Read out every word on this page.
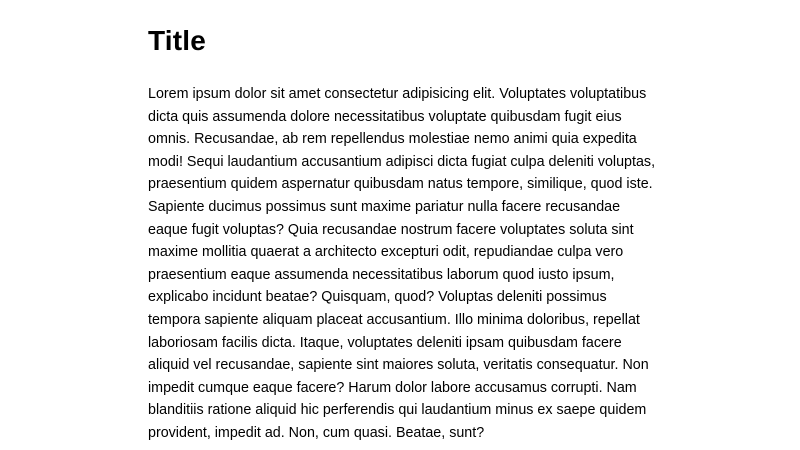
Title

Lorem ipsum dolor sit amet consectetur adipisicing elit. Voluptates voluptatibus dicta quis assumenda dolore necessitatibus voluptate quibusdam fugit eius omnis. Recusandae, ab rem repellendus molestiae nemo animi quia expedita modi! Sequi laudantium accusantium adipisci dicta fugiat culpa deleniti voluptas, praesentium quidem aspernatur quibusdam natus tempore, similique, quod iste. Sapiente ducimus possimus sunt maxime pariatur nulla facere recusandae eaque fugit voluptas? Quia recusandae nostrum facere voluptates soluta sint maxime mollitia quaerat a architecto excepturi odit, repudiandae culpa vero praesentium eaque assumenda necessitatibus laborum quod iusto ipsum, explicabo incidunt beatae? Quisquam, quod? Voluptas deleniti possimus tempora sapiente aliquam placeat accusantium. Illo minima doloribus, repellat laboriosam facilis dicta. Itaque, voluptates deleniti ipsam quibusdam facere aliquid vel recusandae, sapiente sint maiores soluta, veritatis consequatur. Non impedit cumque eaque facere? Harum dolor labore accusamus corrupti. Nam blanditiis ratione aliquid hic perferendis qui laudantium minus ex saepe quidem provident, impedit ad. Non, cum quasi. Beatae, sunt?
